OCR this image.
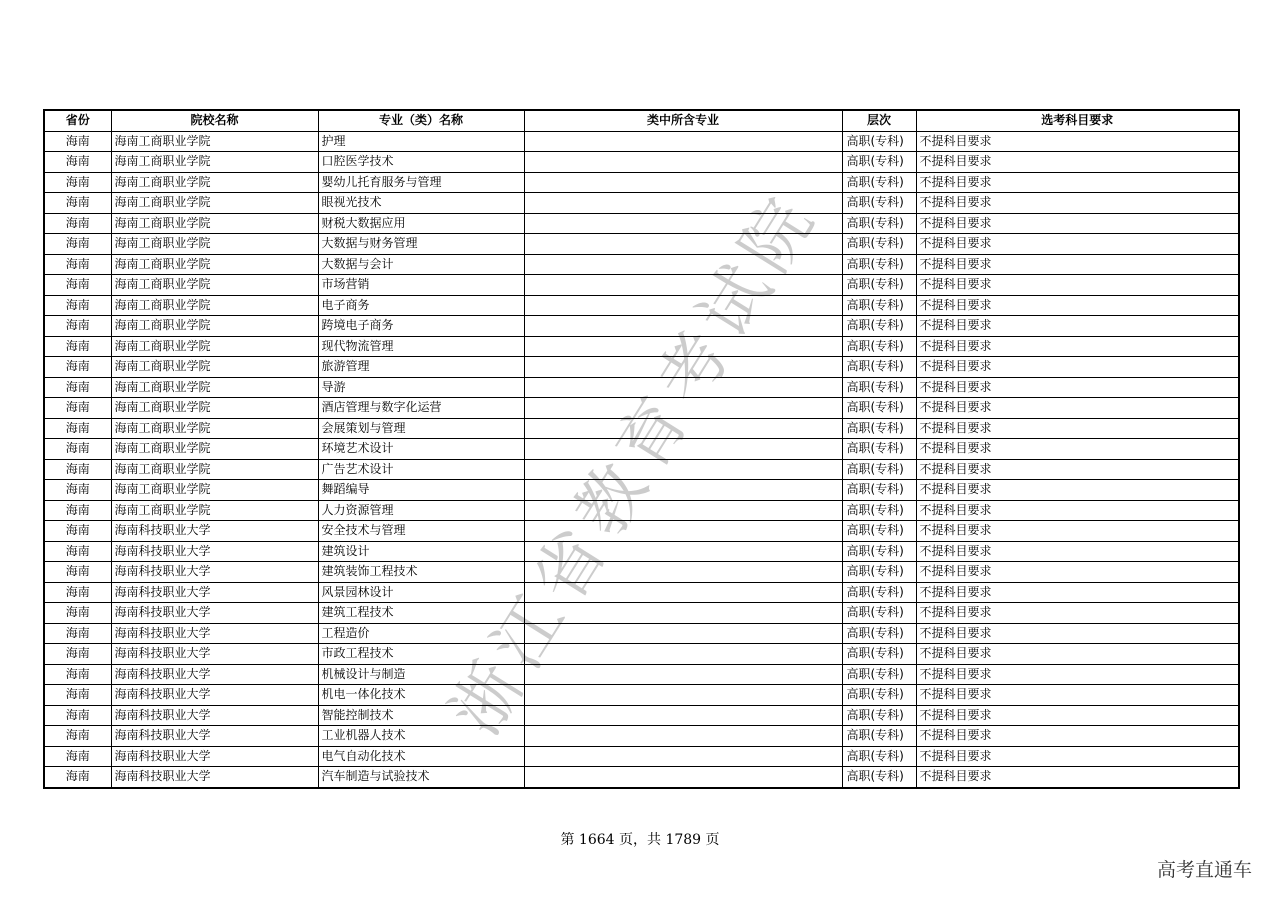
浙江省教育考试院
省份	院校名称	专业（类）名称	类中所含专业	层次	选考科目要求
海南	海南工商职业学院	护理		高职(专科)	不提科目要求
海南	海南工商职业学院	口腔医学技术		高职(专科)	不提科目要求
海南	海南工商职业学院	婴幼儿托育服务与管理		高职(专科)	不提科目要求
海南	海南工商职业学院	眼视光技术		高职(专科)	不提科目要求
海南	海南工商职业学院	财税大数据应用		高职(专科)	不提科目要求
海南	海南工商职业学院	大数据与财务管理		高职(专科)	不提科目要求
海南	海南工商职业学院	大数据与会计		高职(专科)	不提科目要求
海南	海南工商职业学院	市场营销		高职(专科)	不提科目要求
海南	海南工商职业学院	电子商务		高职(专科)	不提科目要求
海南	海南工商职业学院	跨境电子商务		高职(专科)	不提科目要求
海南	海南工商职业学院	现代物流管理		高职(专科)	不提科目要求
海南	海南工商职业学院	旅游管理		高职(专科)	不提科目要求
海南	海南工商职业学院	导游		高职(专科)	不提科目要求
海南	海南工商职业学院	酒店管理与数字化运营		高职(专科)	不提科目要求
海南	海南工商职业学院	会展策划与管理		高职(专科)	不提科目要求
海南	海南工商职业学院	环境艺术设计		高职(专科)	不提科目要求
海南	海南工商职业学院	广告艺术设计		高职(专科)	不提科目要求
海南	海南工商职业学院	舞蹈编导		高职(专科)	不提科目要求
海南	海南工商职业学院	人力资源管理		高职(专科)	不提科目要求
海南	海南科技职业大学	安全技术与管理		高职(专科)	不提科目要求
海南	海南科技职业大学	建筑设计		高职(专科)	不提科目要求
海南	海南科技职业大学	建筑装饰工程技术		高职(专科)	不提科目要求
海南	海南科技职业大学	风景园林设计		高职(专科)	不提科目要求
海南	海南科技职业大学	建筑工程技术		高职(专科)	不提科目要求
海南	海南科技职业大学	工程造价		高职(专科)	不提科目要求
海南	海南科技职业大学	市政工程技术		高职(专科)	不提科目要求
海南	海南科技职业大学	机械设计与制造		高职(专科)	不提科目要求
海南	海南科技职业大学	机电一体化技术		高职(专科)	不提科目要求
海南	海南科技职业大学	智能控制技术		高职(专科)	不提科目要求
海南	海南科技职业大学	工业机器人技术		高职(专科)	不提科目要求
海南	海南科技职业大学	电气自动化技术		高职(专科)	不提科目要求
海南	海南科技职业大学	汽车制造与试验技术		高职(专科)	不提科目要求
第 1664 页，共 1789 页
高考直通车
